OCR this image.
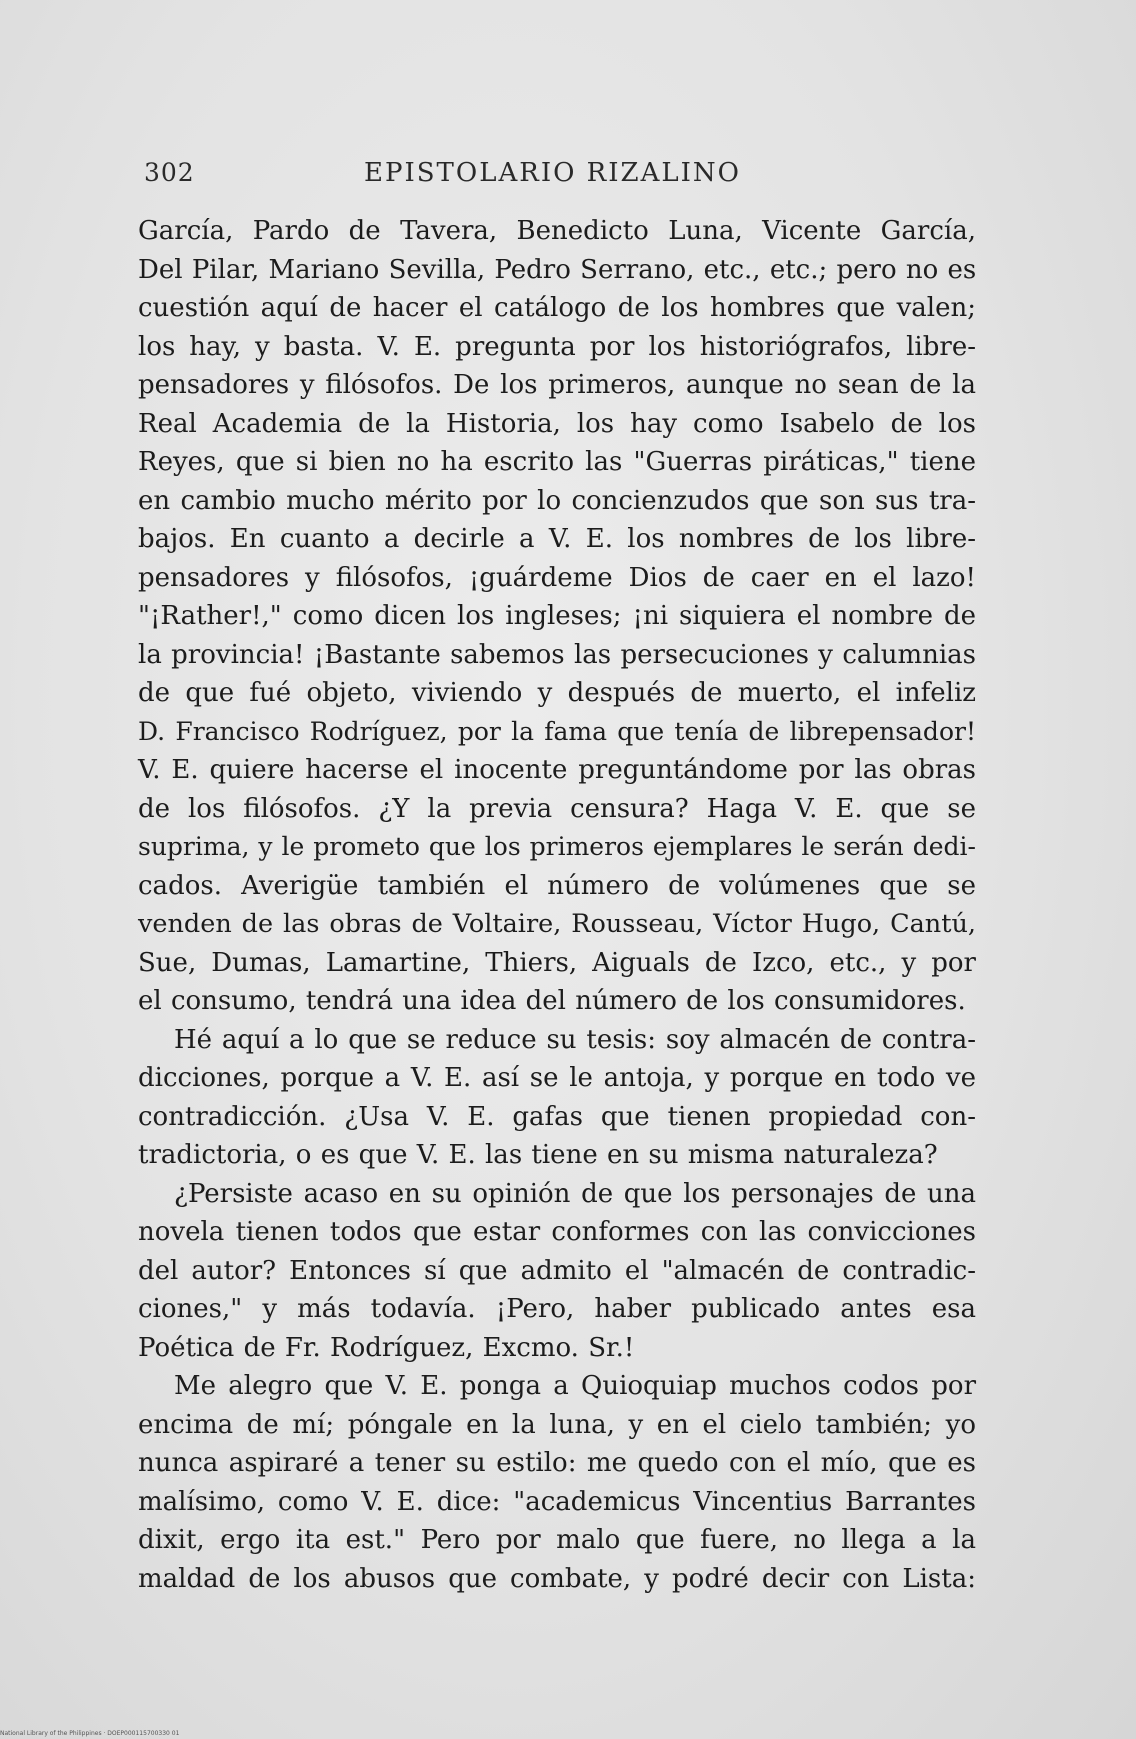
302	EPISTOLARIO RIZALINO
García, Pardo de Tavera, Benedicto Luna, Vicente García,
Del Pilar, Mariano Sevilla, Pedro Serrano, etc., etc.; pero no es
cuestión aquí de hacer el catálogo de los hombres que valen;
los hay, y basta. V. E. pregunta por los historiógrafos, libre-
pensadores y filósofos. De los primeros, aunque no sean de la
Real Academia de la Historia, los hay como Isabelo de los
Reyes, que si bien no ha escrito las "Guerras piráticas," tiene
en cambio mucho mérito por lo concienzudos que son sus tra-
bajos. En cuanto a decirle a V. E. los nombres de los libre-
pensadores y filósofos, ¡guárdeme Dios de caer en el lazo!
"¡Rather!," como dicen los ingleses; ¡ni siquiera el nombre de
la provincia! ¡Bastante sabemos las persecuciones y calumnias
de que fué objeto, viviendo y después de muerto, el infeliz
D. Francisco Rodríguez, por la fama que tenía de librepensador!
V. E. quiere hacerse el inocente preguntándome por las obras
de los filósofos. ¿Y la previa censura? Haga V. E. que se
suprima, y le prometo que los primeros ejemplares le serán dedi-
cados. Averigüe también el número de volúmenes que se
venden de las obras de Voltaire, Rousseau, Víctor Hugo, Cantú,
Sue, Dumas, Lamartine, Thiers, Aiguals de Izco, etc., y por
el consumo, tendrá una idea del número de los consumidores.
Hé aquí a lo que se reduce su tesis: soy almacén de contra-
dicciones, porque a V. E. así se le antoja, y porque en todo ve
contradicción. ¿Usa V. E. gafas que tienen propiedad con-
tradictoria, o es que V. E. las tiene en su misma naturaleza?
¿Persiste acaso en su opinión de que los personajes de una
novela tienen todos que estar conformes con las convicciones
del autor? Entonces sí que admito el "almacén de contradic-
ciones," y más todavía. ¡Pero, haber publicado antes esa
Poética de Fr. Rodríguez, Excmo. Sr.!
Me alegro que V. E. ponga a Quioquiap muchos codos por
encima de mí; póngale en la luna, y en el cielo también; yo
nunca aspiraré a tener su estilo: me quedo con el mío, que es
malísimo, como V. E. dice: "academicus Vincentius Barrantes
dixit, ergo ita est." Pero por malo que fuere, no llega a la
maldad de los abusos que combate, y podré decir con Lista:
National Library of the Philippines · DOEP000115700330 01
